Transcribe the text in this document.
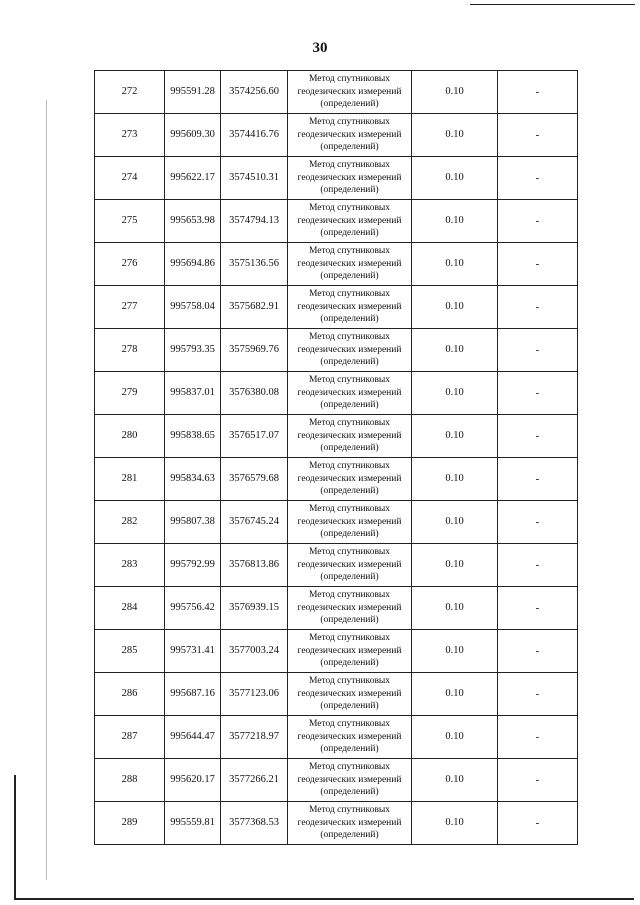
30
272	995591.28	3574256.60	Метод спутниковых
геодезических измерений
(определений)	0.10	-
273	995609.30	3574416.76	Метод спутниковых
геодезических измерений
(определений)	0.10	-
274	995622.17	3574510.31	Метод спутниковых
геодезических измерений
(определений)	0.10	-
275	995653.98	3574794.13	Метод спутниковых
геодезических измерений
(определений)	0.10	-
276	995694.86	3575136.56	Метод спутниковых
геодезических измерений
(определений)	0.10	-
277	995758.04	3575682.91	Метод спутниковых
геодезических измерений
(определений)	0.10	-
278	995793.35	3575969.76	Метод спутниковых
геодезических измерений
(определений)	0.10	-
279	995837.01	3576380.08	Метод спутниковых
геодезических измерений
(определений)	0.10	-
280	995838.65	3576517.07	Метод спутниковых
геодезических измерений
(определений)	0.10	-
281	995834.63	3576579.68	Метод спутниковых
геодезических измерений
(определений)	0.10	-
282	995807.38	3576745.24	Метод спутниковых
геодезических измерений
(определений)	0.10	-
283	995792.99	3576813.86	Метод спутниковых
геодезических измерений
(определений)	0.10	-
284	995756.42	3576939.15	Метод спутниковых
геодезических измерений
(определений)	0.10	-
285	995731.41	3577003.24	Метод спутниковых
геодезических измерений
(определений)	0.10	-
286	995687.16	3577123.06	Метод спутниковых
геодезических измерений
(определений)	0.10	-
287	995644.47	3577218.97	Метод спутниковых
геодезических измерений
(определений)	0.10	-
288	995620.17	3577266.21	Метод спутниковых
геодезических измерений
(определений)	0.10	-
289	995559.81	3577368.53	Метод спутниковых
геодезических измерений
(определений)	0.10	-
